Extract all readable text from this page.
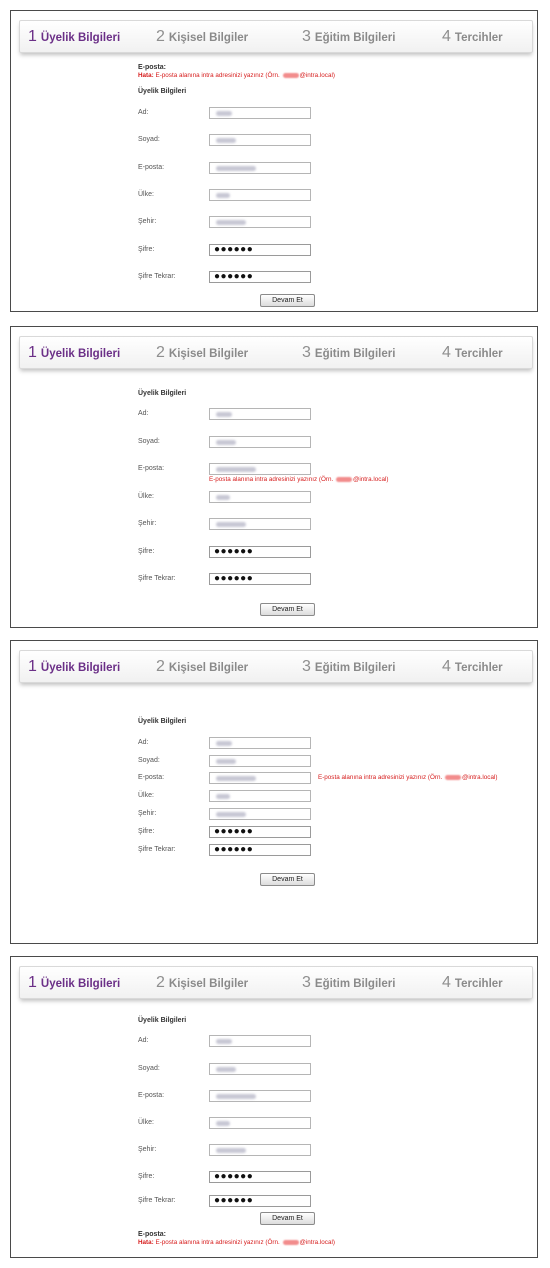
1 Üyelik Bilgileri 2 Kişisel Bilgiler	3 Eğitim Bilgileri	4 Tercihler
E-posta:
Hata: E-posta alanına intra adresinizi yazınız (Örn.	@intra.local)
Üyelik Bilgileri
Ad:
Soyad:
E-posta:
Ülke:
Şehir:
Şifre:	●●●●●●
Şifre Tekrar:	●●●●●●
Devam Et
1 Üyelik Bilgileri 2 Kişisel Bilgiler	3 Eğitim Bilgileri	4 Tercihler
Üyelik Bilgileri
Ad:
Soyad:
E-posta:
E-posta alanına intra adresinizi yazınız (Örn.	@intra.local)
Ülke:
Şehir:
Şifre:	●●●●●●
Şifre Tekrar:	●●●●●●
Devam Et
1 Üyelik Bilgileri 2 Kişisel Bilgiler	3 Eğitim Bilgileri	4 Tercihler
Üyelik Bilgileri
Ad:
Soyad:
E-posta:	E-posta alanına intra adresinizi yazınız (Örn.	@intra.local)
Ülke:
Şehir:
Şifre:	●●●●●●
Şifre Tekrar:	●●●●●●
Devam Et
1 Üyelik Bilgileri 2 Kişisel Bilgiler	3 Eğitim Bilgileri	4 Tercihler
Üyelik Bilgileri
Ad:
Soyad:
E-posta:
Ülke:
Şehir:
Şifre:	●●●●●●
Şifre Tekrar:	●●●●●●
Devam Et
E-posta:
Hata: E-posta alanına intra adresinizi yazınız (Örn.	@intra.local)
